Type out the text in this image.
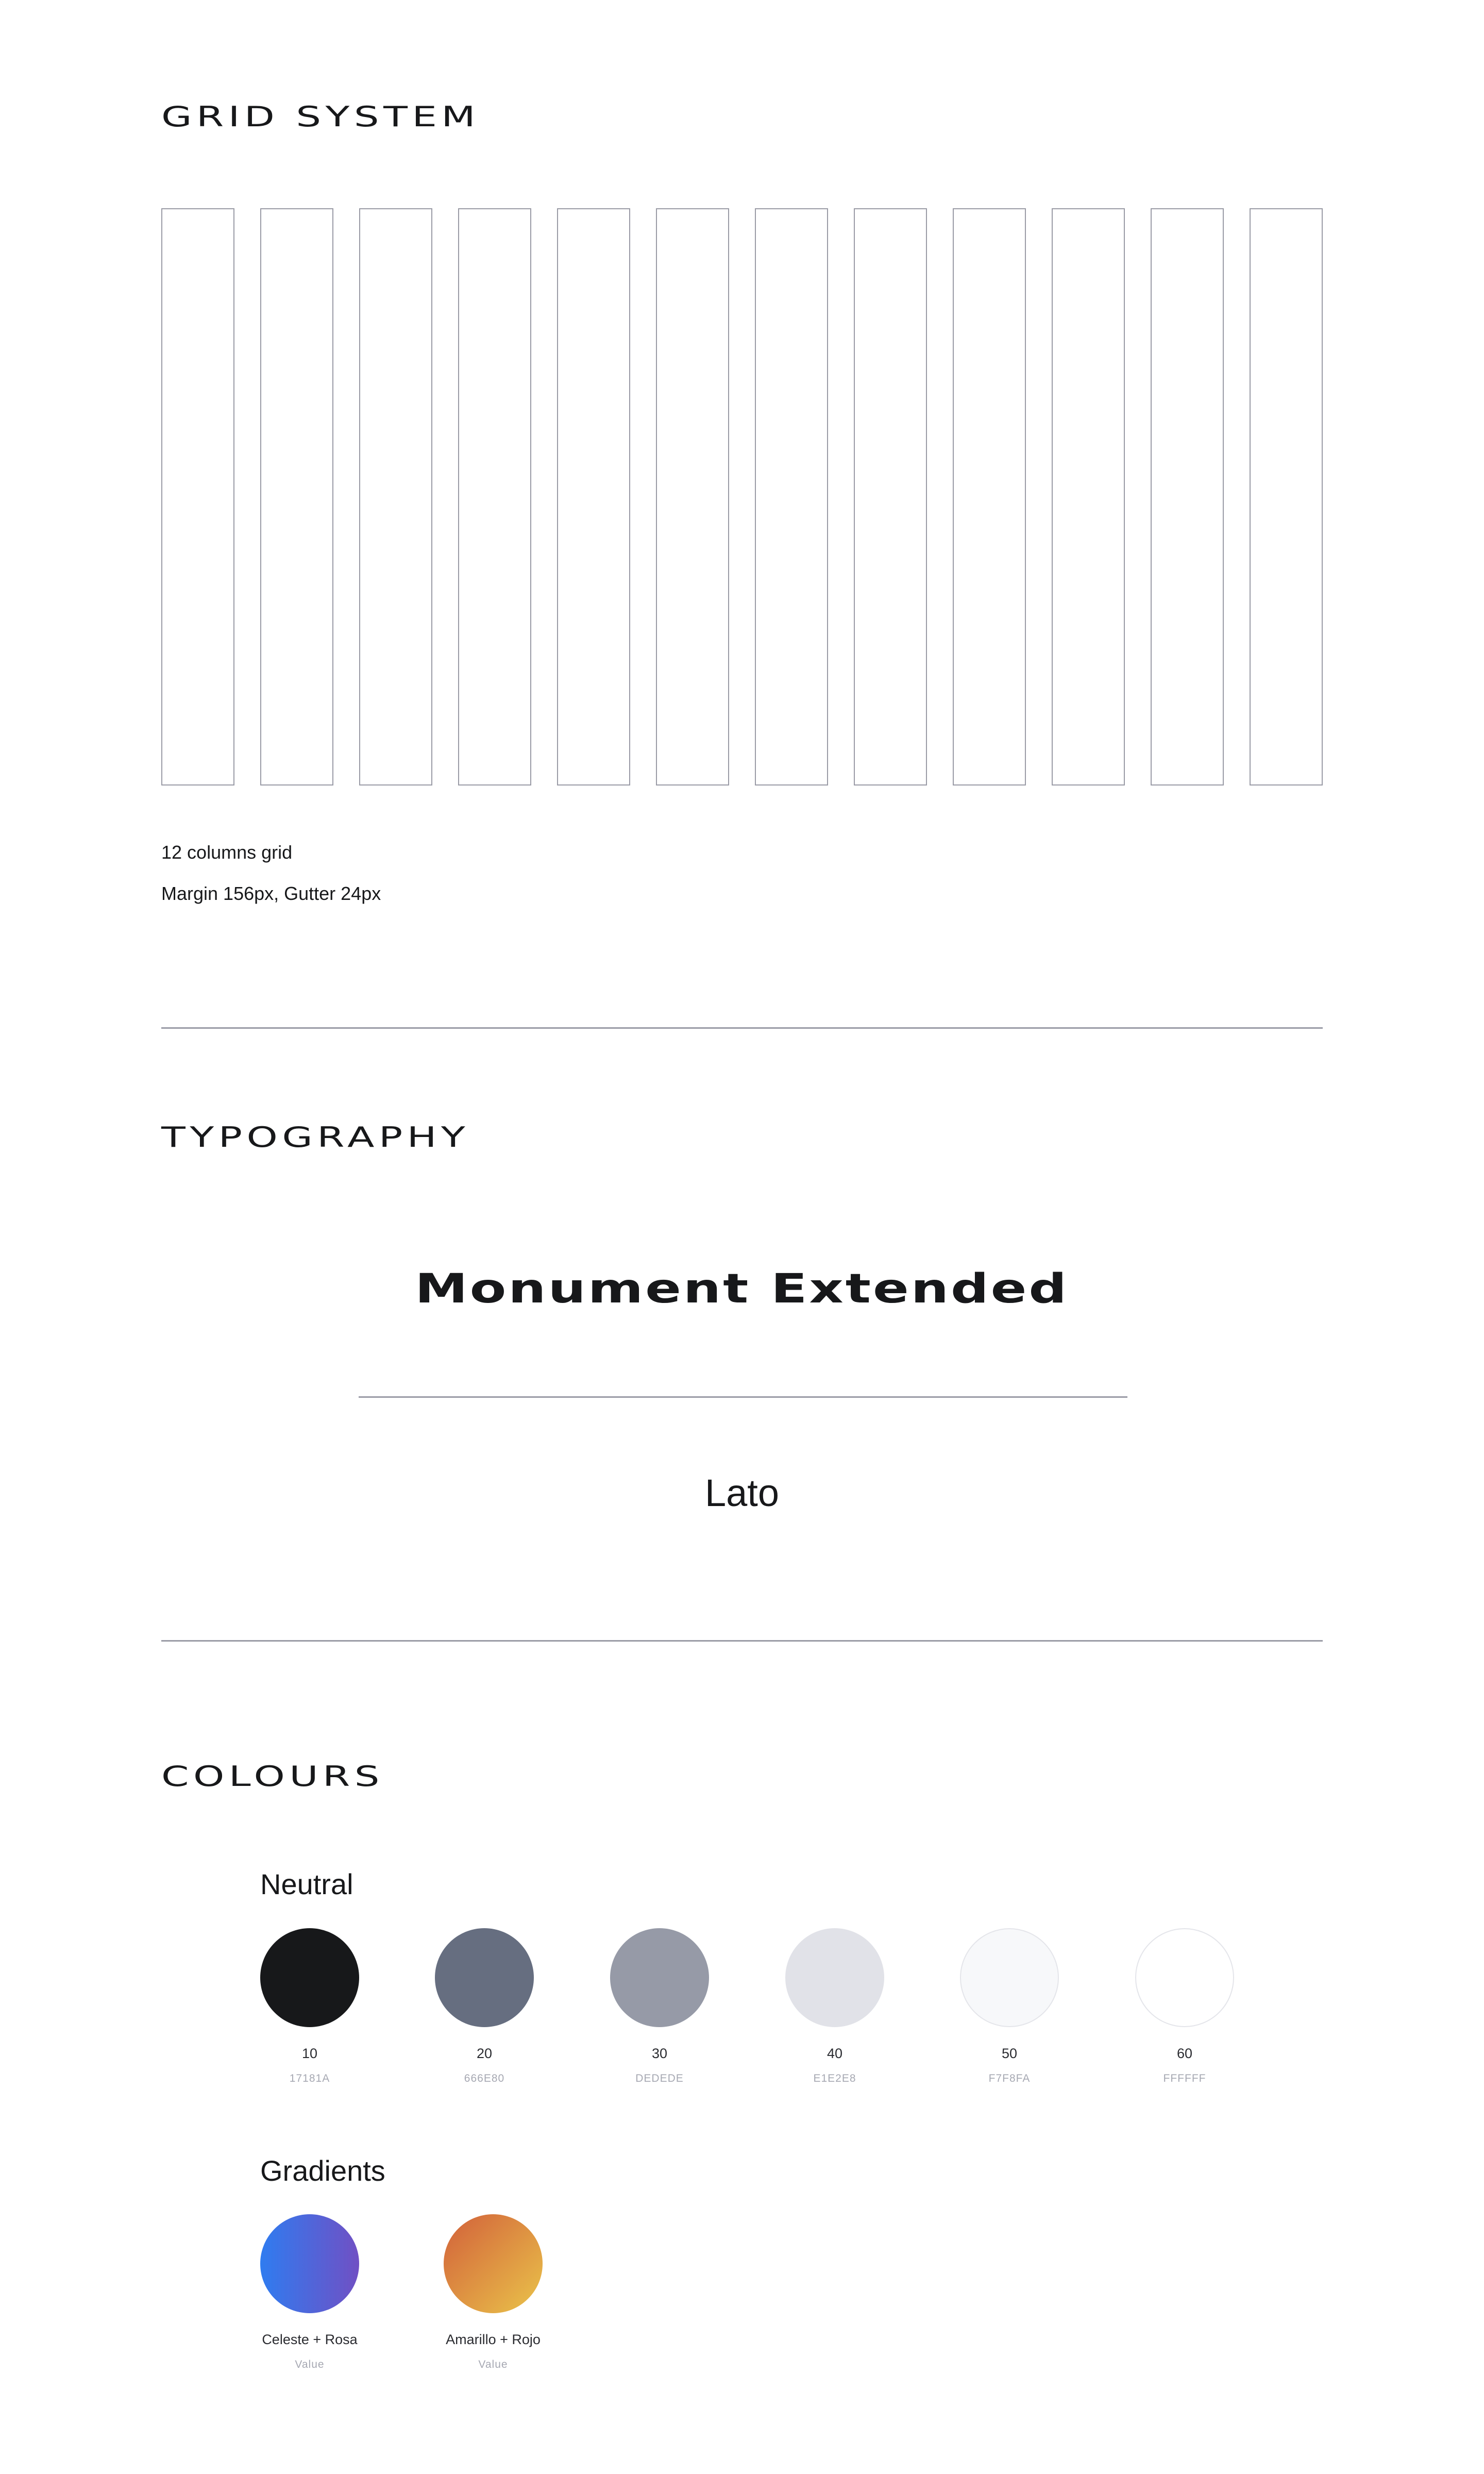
GRID SYSTEM
12 columns grid
Margin 156px, Gutter 24px
TYPOGRAPHY
Monument Extended
Lato
COLOURS
Neutral
10
17181A
20
666E80
30
DEDEDE
40
E1E2E8
50
F7F8FA
60
FFFFFF
Gradients
Celeste + Rosa
Value
Amarillo + Rojo
Value
